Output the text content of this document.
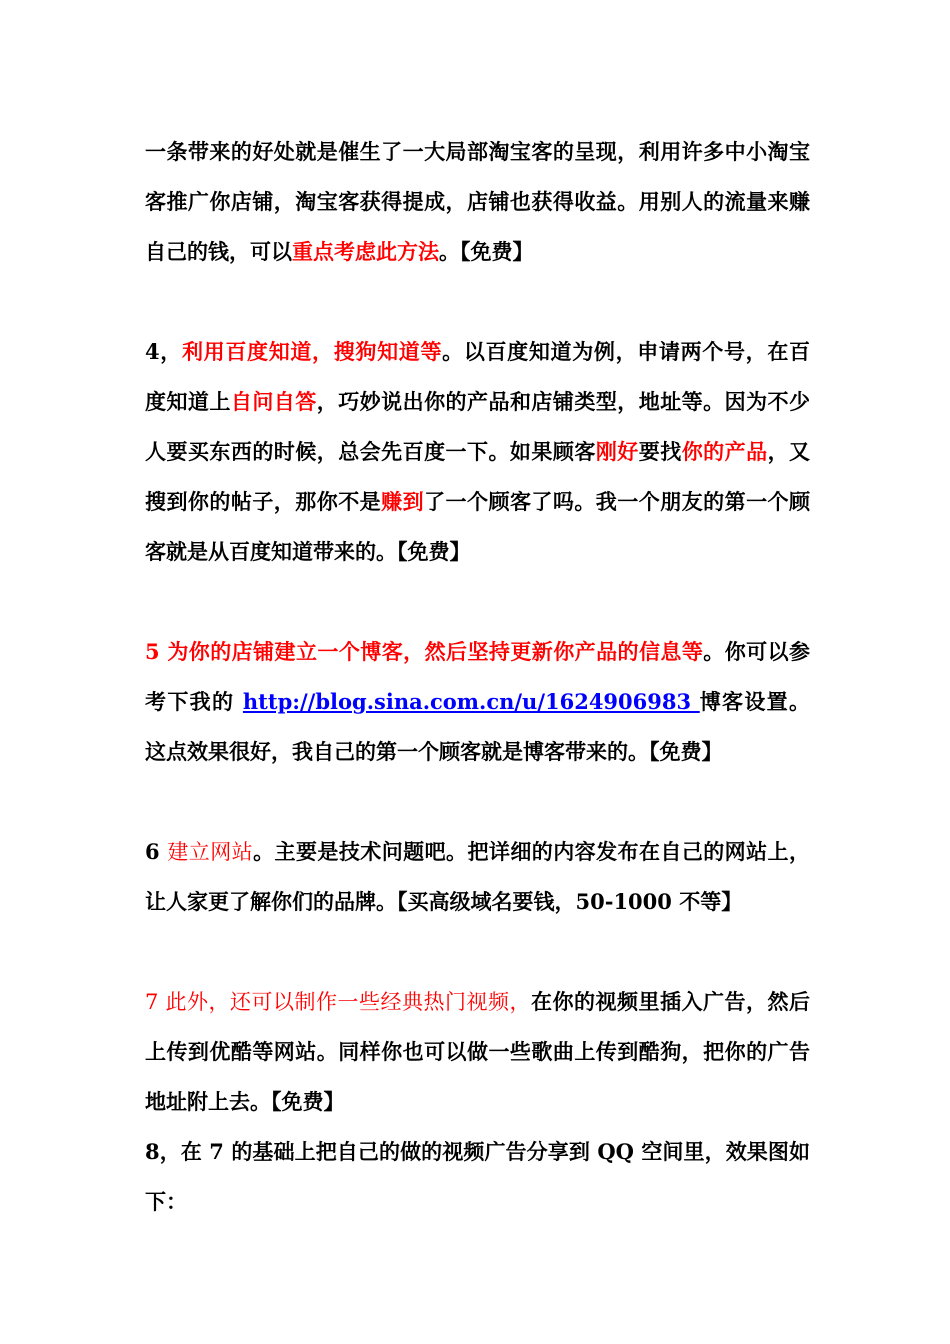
一条带来的好处就是催生了一大局部淘宝客的呈现，利用许多中小淘宝客推广你店铺，淘宝客获得提成，店铺也获得收益。用别人的流量来赚自己的钱，可以重点考虑此方法。【免费】

4，利用百度知道，搜狗知道等。以百度知道为例，申请两个号，在百度知道上自问自答，巧妙说出你的产品和店铺类型，地址等。因为不少人要买东西的时候，总会先百度一下。如果顾客刚好要找你的产品，又搜到你的帖子，那你不是赚到了一个顾客了吗。我一个朋友的第一个顾客就是从百度知道带来的。【免费】

5 为你的店铺建立一个博客，然后坚持更新你产品的信息等。你可以参考下我的 http://blog.sina.com.cn/u/1624906983 博客设置。这点效果很好，我自己的第一个顾客就是博客带来的。【免费】

6 建立网站。主要是技术问题吧。把详细的内容发布在自己的网站上，让人家更了解你们的品牌。【买高级域名要钱，50-1000 不等】

7 此外，还可以制作一些经典热门视频，在你的视频里插入广告，然后上传到优酷等网站。同样你也可以做一些歌曲上传到酷狗，把你的广告地址附上去。【免费】

8，在 7 的基础上把自己的做的视频广告分享到 QQ 空间里，效果图如下：
